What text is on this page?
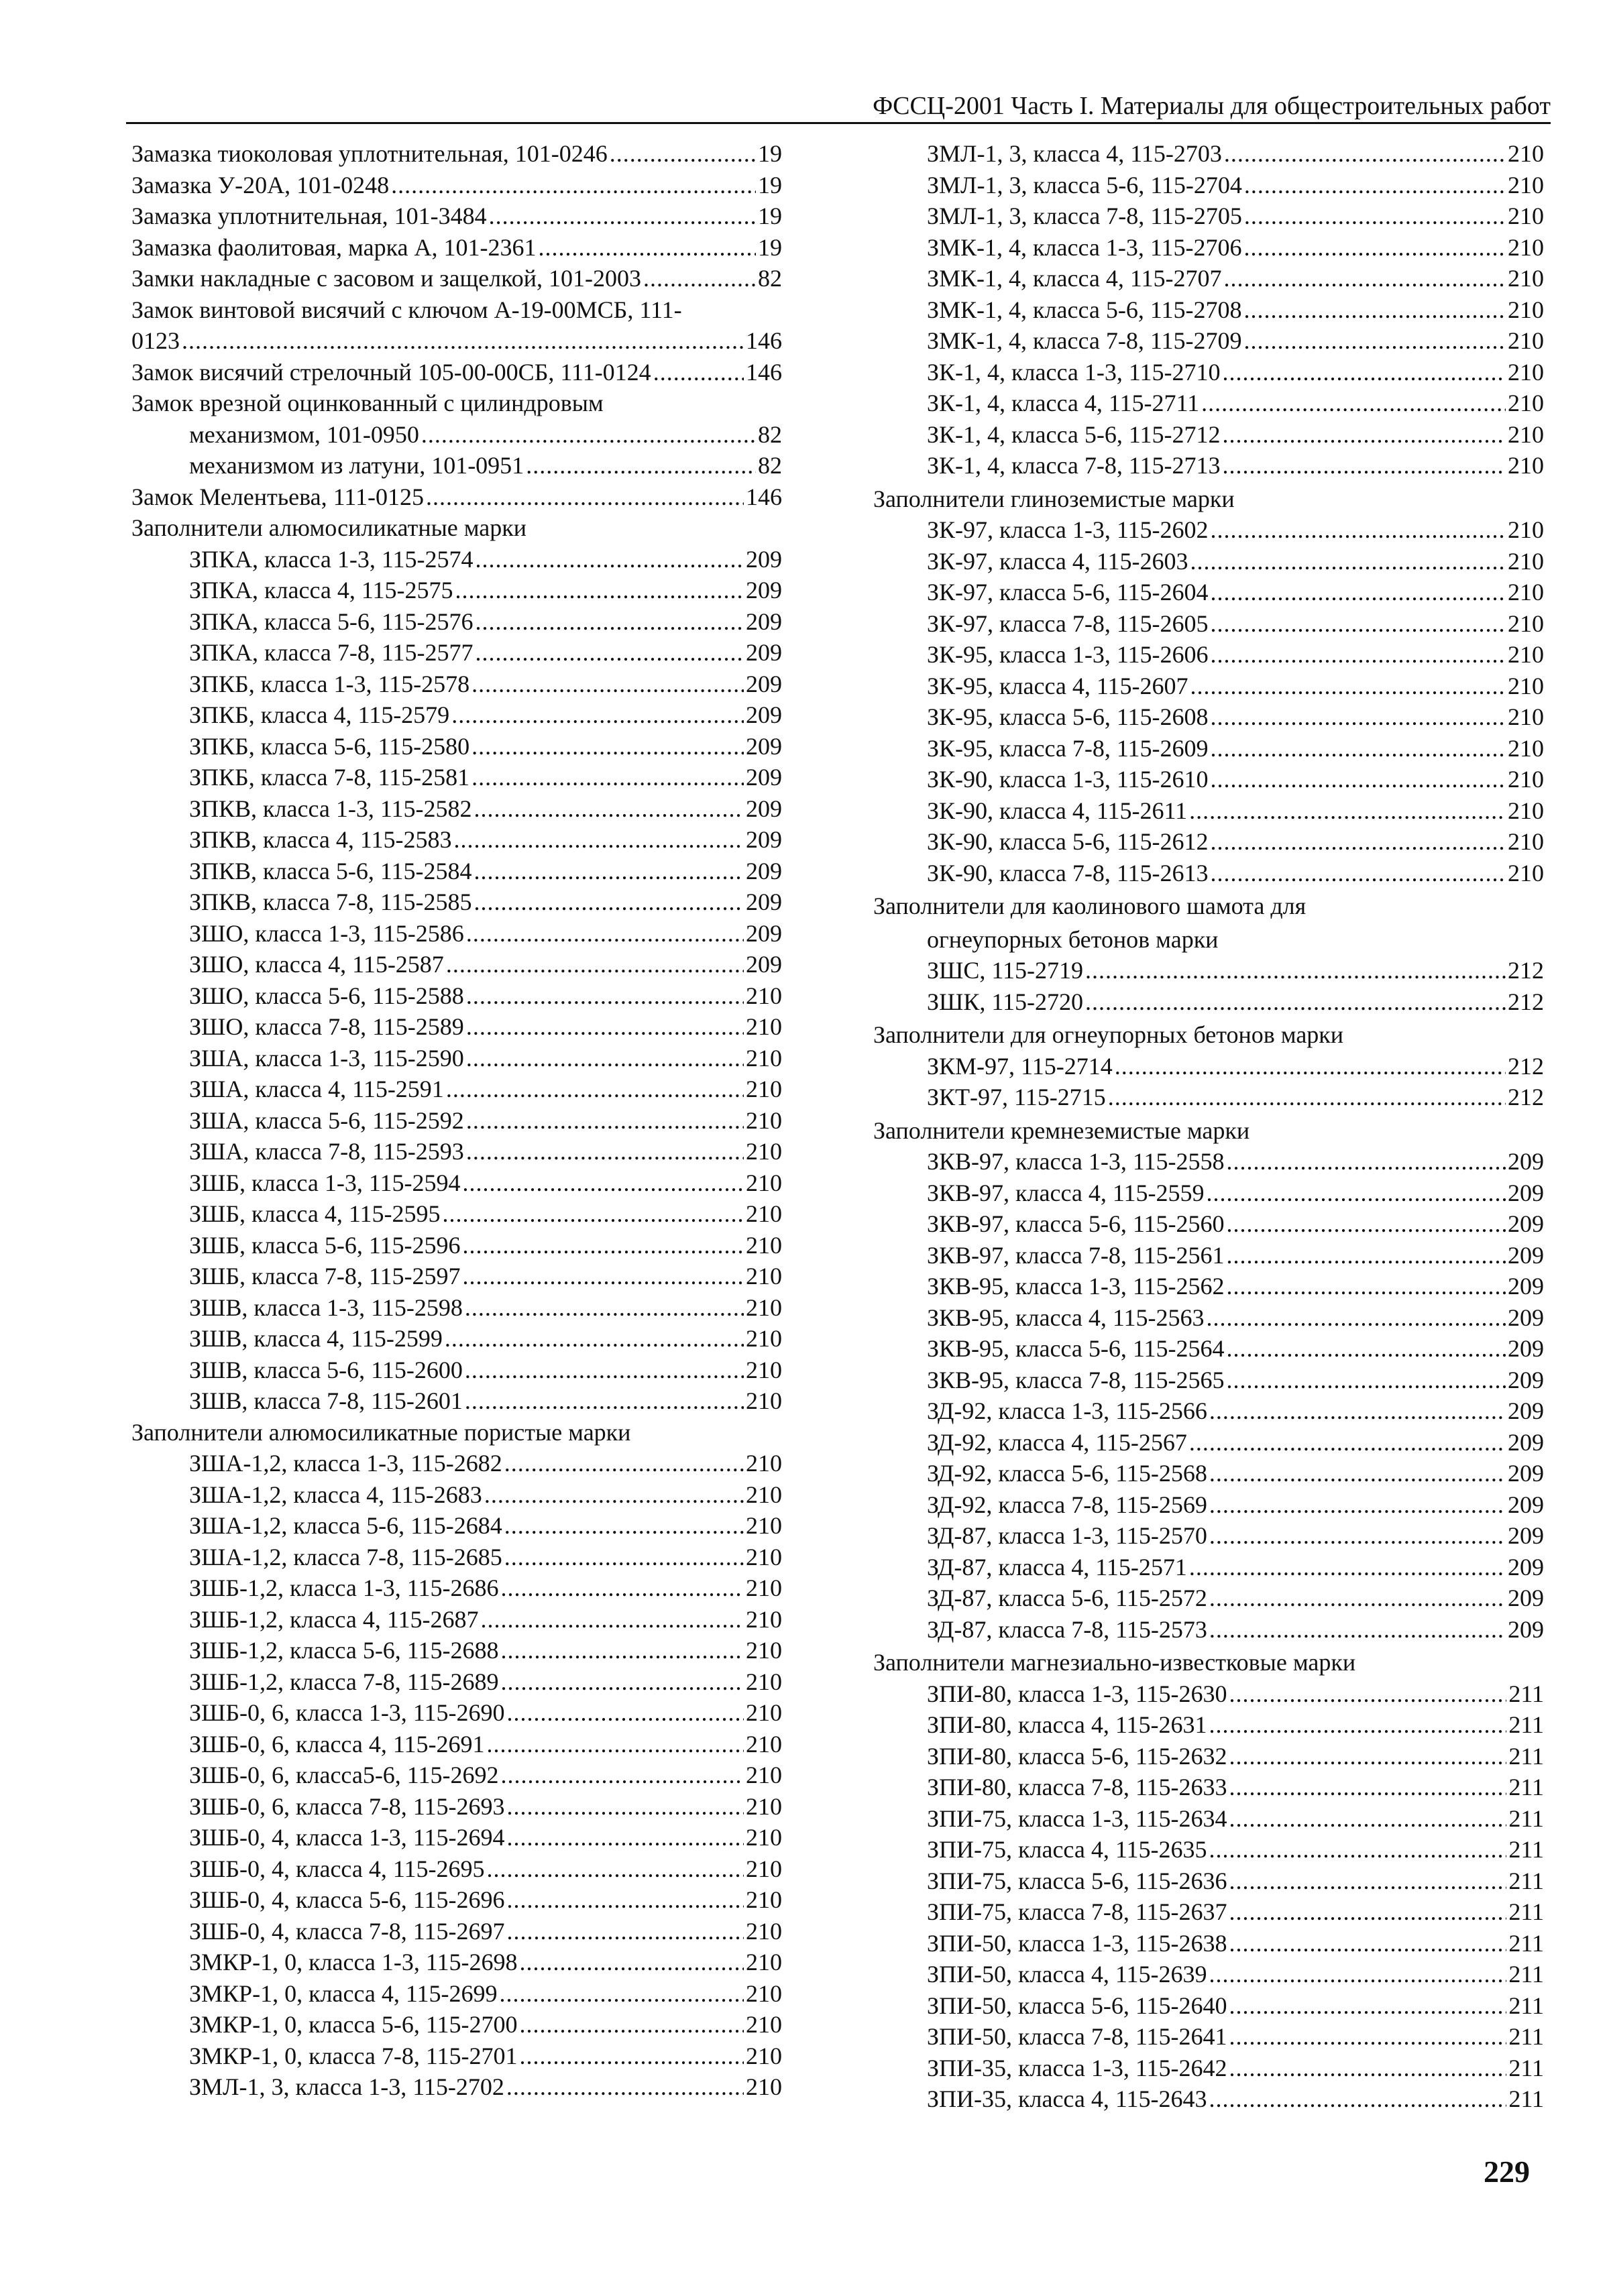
ФССЦ-2001 Часть I. Материалы для общестроительных работ
Замазка тиоколовая уплотнительная, 101-0246 .....	19
Замазка У-20А, 101-0248 .....	19
Замазка уплотнительная, 101-3484 .....	19
Замазка фаолитовая, марка А, 101-2361 .....	19
Замки накладные с засовом и защелкой, 101-2003 .....	82
Замок винтовой висячий с ключом А-19-00МСБ, 111-
0123 .....	146
Замок висячий стрелочный 105-00-00СБ, 111-0124 .....	146
Замок врезной оцинкованный с цилиндровым
механизмом, 101-0950 .....	82
механизмом из латуни, 101-0951 .....	82
Замок Мелентьева, 111-0125 .....	146
Заполнители алюмосиликатные марки
ЗПКА, класса 1-3, 115-2574 .....	209
ЗПКА, класса 4, 115-2575 .....	209
ЗПКА, класса 5-6, 115-2576 .....	209
ЗПКА, класса 7-8, 115-2577 .....	209
ЗПКБ, класса 1-3, 115-2578 .....	209
ЗПКБ, класса 4, 115-2579 .....	209
ЗПКБ, класса 5-6, 115-2580 .....	209
ЗПКБ, класса 7-8, 115-2581 .....	209
ЗПКВ, класса 1-3, 115-2582 .....	209
ЗПКВ, класса 4, 115-2583 .....	209
ЗПКВ, класса 5-6, 115-2584 .....	209
ЗПКВ, класса 7-8, 115-2585 .....	209
ЗШО, класса 1-3, 115-2586 .....	209
ЗШО, класса 4, 115-2587 .....	209
ЗШО, класса 5-6, 115-2588 .....	210
ЗШО, класса 7-8, 115-2589 .....	210
ЗША, класса 1-3, 115-2590 .....	210
ЗША, класса 4, 115-2591 .....	210
ЗША, класса 5-6, 115-2592 .....	210
ЗША, класса 7-8, 115-2593 .....	210
ЗШБ, класса 1-3, 115-2594 .....	210
ЗШБ, класса 4, 115-2595 .....	210
ЗШБ, класса 5-6, 115-2596 .....	210
ЗШБ, класса 7-8, 115-2597 .....	210
ЗШВ, класса 1-3, 115-2598 .....	210
ЗШВ, класса 4, 115-2599 .....	210
ЗШВ, класса 5-6, 115-2600 .....	210
ЗШВ, класса 7-8, 115-2601 .....	210
Заполнители алюмосиликатные пористые марки
ЗША-1,2, класса 1-3, 115-2682 .....	210
ЗША-1,2, класса 4, 115-2683 .....	210
ЗША-1,2, класса 5-6, 115-2684 .....	210
ЗША-1,2, класса 7-8, 115-2685 .....	210
ЗШБ-1,2, класса 1-3, 115-2686 .....	210
ЗШБ-1,2, класса 4, 115-2687 .....	210
ЗШБ-1,2, класса 5-6, 115-2688 .....	210
ЗШБ-1,2, класса 7-8, 115-2689 .....	210
ЗШБ-0, 6, класса 1-3, 115-2690 .....	210
ЗШБ-0, 6, класса 4, 115-2691 .....	210
ЗШБ-0, 6, класса5-6, 115-2692 .....	210
ЗШБ-0, 6, класса 7-8, 115-2693 .....	210
ЗШБ-0, 4, класса 1-3, 115-2694 .....	210
ЗШБ-0, 4, класса 4, 115-2695 .....	210
ЗШБ-0, 4, класса 5-6, 115-2696 .....	210
ЗШБ-0, 4, класса 7-8, 115-2697 .....	210
ЗМКР-1, 0, класса 1-3, 115-2698 .....	210
ЗМКР-1, 0, класса 4, 115-2699 .....	210
ЗМКР-1, 0, класса 5-6, 115-2700 .....	210
ЗМКР-1, 0, класса 7-8, 115-2701 .....	210
ЗМЛ-1, 3, класса 1-3, 115-2702 .....	210
ЗМЛ-1, 3, класса 4, 115-2703 .....	210
ЗМЛ-1, 3, класса 5-6, 115-2704 .....	210
ЗМЛ-1, 3, класса 7-8, 115-2705 .....	210
ЗМК-1, 4, класса 1-3, 115-2706 .....	210
ЗМК-1, 4, класса 4, 115-2707 .....	210
ЗМК-1, 4, класса 5-6, 115-2708 .....	210
ЗМК-1, 4, класса 7-8, 115-2709 .....	210
ЗК-1, 4, класса 1-3, 115-2710 .....	210
ЗК-1, 4, класса 4, 115-2711 .....	210
ЗК-1, 4, класса 5-6, 115-2712 .....	210
ЗК-1, 4, класса 7-8, 115-2713 .....	210
Заполнители глиноземистые марки
ЗК-97, класса 1-3, 115-2602 .....	210
ЗК-97, класса 4, 115-2603 .....	210
ЗК-97, класса 5-6, 115-2604 .....	210
ЗК-97, класса 7-8, 115-2605 .....	210
ЗК-95, класса 1-3, 115-2606 .....	210
ЗК-95, класса 4, 115-2607 .....	210
ЗК-95, класса 5-6, 115-2608 .....	210
ЗК-95, класса 7-8, 115-2609 .....	210
ЗК-90, класса 1-3, 115-2610 .....	210
ЗК-90, класса 4, 115-2611 .....	210
ЗК-90, класса 5-6, 115-2612 .....	210
ЗК-90, класса 7-8, 115-2613 .....	210
Заполнители для каолинового шамота для
огнеупорных бетонов марки
ЗШС, 115-2719 .....	212
ЗШК, 115-2720 .....	212
Заполнители для огнеупорных бетонов марки
ЗКМ-97, 115-2714 .....	212
ЗКТ-97, 115-2715 .....	212
Заполнители кремнеземистые марки
ЗКВ-97, класса 1-3, 115-2558 .....	209
ЗКВ-97, класса 4, 115-2559 .....	209
ЗКВ-97, класса 5-6, 115-2560 .....	209
ЗКВ-97, класса 7-8, 115-2561 .....	209
ЗКВ-95, класса 1-3, 115-2562 .....	209
ЗКВ-95, класса 4, 115-2563 .....	209
ЗКВ-95, класса 5-6, 115-2564 .....	209
ЗКВ-95, класса 7-8, 115-2565 .....	209
ЗД-92, класса 1-3, 115-2566 .....	209
ЗД-92, класса 4, 115-2567 .....	209
ЗД-92, класса 5-6, 115-2568 .....	209
ЗД-92, класса 7-8, 115-2569 .....	209
ЗД-87, класса 1-3, 115-2570 .....	209
ЗД-87, класса 4, 115-2571 .....	209
ЗД-87, класса 5-6, 115-2572 .....	209
ЗД-87, класса 7-8, 115-2573 .....	209
Заполнители магнезиально-известковые марки
ЗПИ-80, класса 1-3, 115-2630 .....	211
ЗПИ-80, класса 4, 115-2631 .....	211
ЗПИ-80, класса 5-6, 115-2632 .....	211
ЗПИ-80, класса 7-8, 115-2633 .....	211
ЗПИ-75, класса 1-3, 115-2634 .....	211
ЗПИ-75, класса 4, 115-2635 .....	211
ЗПИ-75, класса 5-6, 115-2636 .....	211
ЗПИ-75, класса 7-8, 115-2637 .....	211
ЗПИ-50, класса 1-3, 115-2638 .....	211
ЗПИ-50, класса 4, 115-2639 .....	211
ЗПИ-50, класса 5-6, 115-2640 .....	211
ЗПИ-50, класса 7-8, 115-2641 .....	211
ЗПИ-35, класса 1-3, 115-2642 .....	211
ЗПИ-35, класса 4, 115-2643 .....	211
229
